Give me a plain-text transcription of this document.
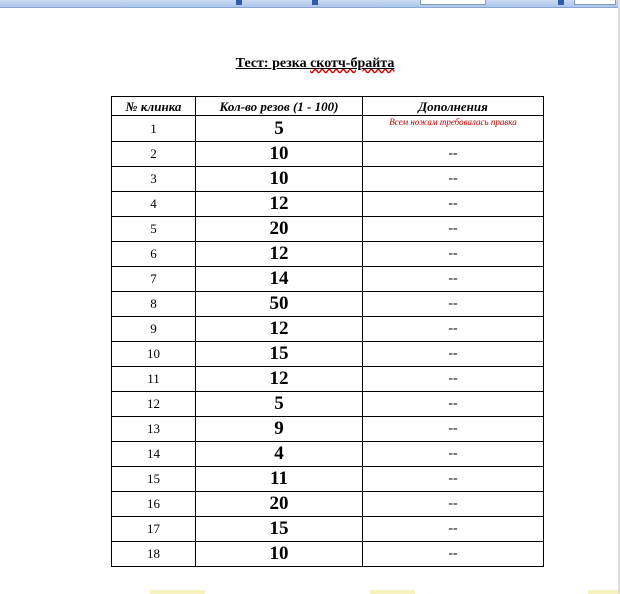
Тест: резка скотч-брайта
№ клинка	Кол-во резов (1 - 100)	Дополнения
1	5	Всем ножам требовалась правка
2	10	--
3	10	--
4	12	--
5	20	--
6	12	--
7	14	--
8	50	--
9	12	--
10	15	--
11	12	--
12	5	--
13	9	--
14	4	--
15	11	--
16	20	--
17	15	--
18	10	--
